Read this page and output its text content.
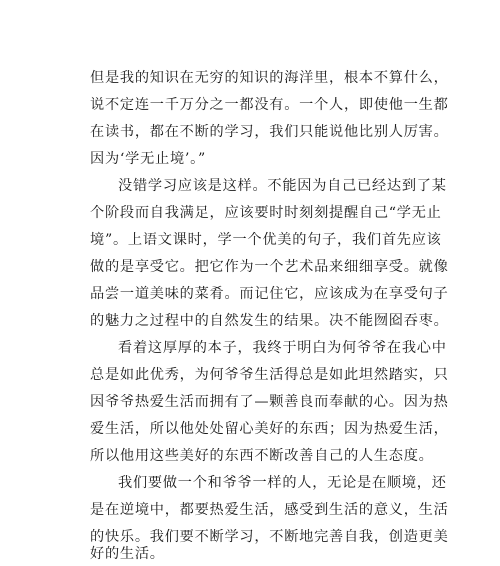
但是我的知识在无穷的知识的海洋里，根本不算什么，
说不定连一千万分之一都没有。一个人，即使他一生都
在读书，都在不断的学习，我们只能说他比别人厉害。
因为‘学无止境’。”
没错学习应该是这样。不能因为自己已经达到了某
个阶段而自我满足，应该要时时刻刻提醒自己“学无止
境”。上语文课时，学一个优美的句子，我们首先应该
做的是享受它。把它作为一个艺术品来细细享受。就像
品尝一道美味的菜肴。而记住它，应该成为在享受句子
的魅力之过程中的自然发生的结果。决不能囫囵吞枣。
看着这厚厚的本子，我终于明白为何爷爷在我心中
总是如此优秀，为何爷爷生活得总是如此坦然踏实，只
因爷爷热爱生活而拥有了—颗善良而奉献的心。因为热
爱生活，所以他处处留心美好的东西；因为热爱生活，
所以他用这些美好的东西不断改善自己的人生态度。
我们要做一个和爷爷一样的人，无论是在顺境，还
是在逆境中，都要热爱生活，感受到生活的意义，生活
的快乐。我们要不断学习，不断地完善自我，创造更美
好的生活。
